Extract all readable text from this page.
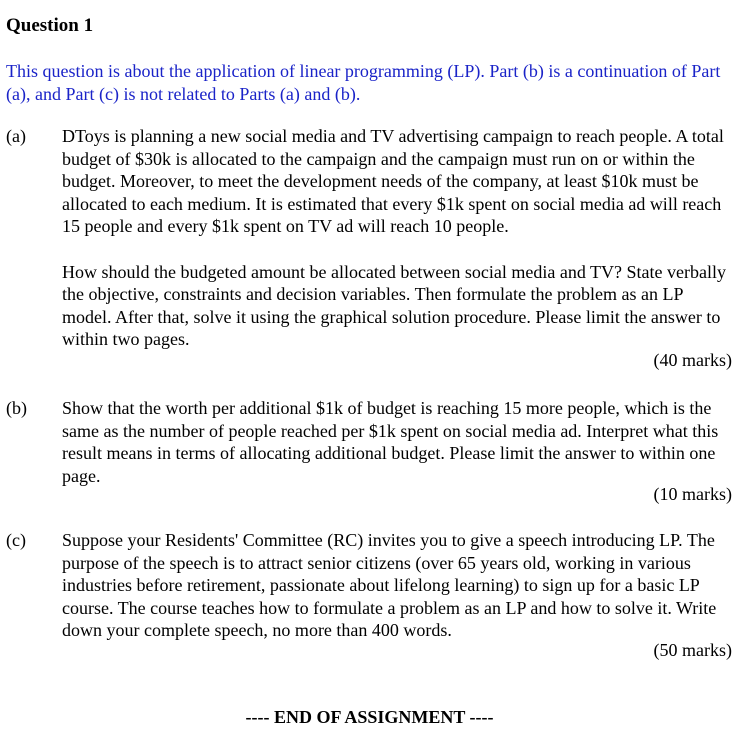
Question 1
This question is about the application of linear programming (LP). Part (b) is a continuation of Part (a), and Part (c) is not related to Parts (a) and (b).
(a) DToys is planning a new social media and TV advertising campaign to reach people. A total budget of $30k is allocated to the campaign and the campaign must run on or within the budget. Moreover, to meet the development needs of the company, at least $10k must be allocated to each medium. It is estimated that every $1k spent on social media ad will reach 15 people and every $1k spent on TV ad will reach 10 people.

How should the budgeted amount be allocated between social media and TV? State verbally the objective, constraints and decision variables. Then formulate the problem as an LP model. After that, solve it using the graphical solution procedure. Please limit the answer to within two pages.

(40 marks)
(b) Show that the worth per additional $1k of budget is reaching 15 more people, which is the same as the number of people reached per $1k spent on social media ad. Interpret what this result means in terms of allocating additional budget. Please limit the answer to within one page.

(10 marks)
(c) Suppose your Residents' Committee (RC) invites you to give a speech introducing LP. The purpose of the speech is to attract senior citizens (over 65 years old, working in various industries before retirement, passionate about lifelong learning) to sign up for a basic LP course. The course teaches how to formulate a problem as an LP and how to solve it. Write down your complete speech, no more than 400 words.

(50 marks)
---- END OF ASSIGNMENT ----
